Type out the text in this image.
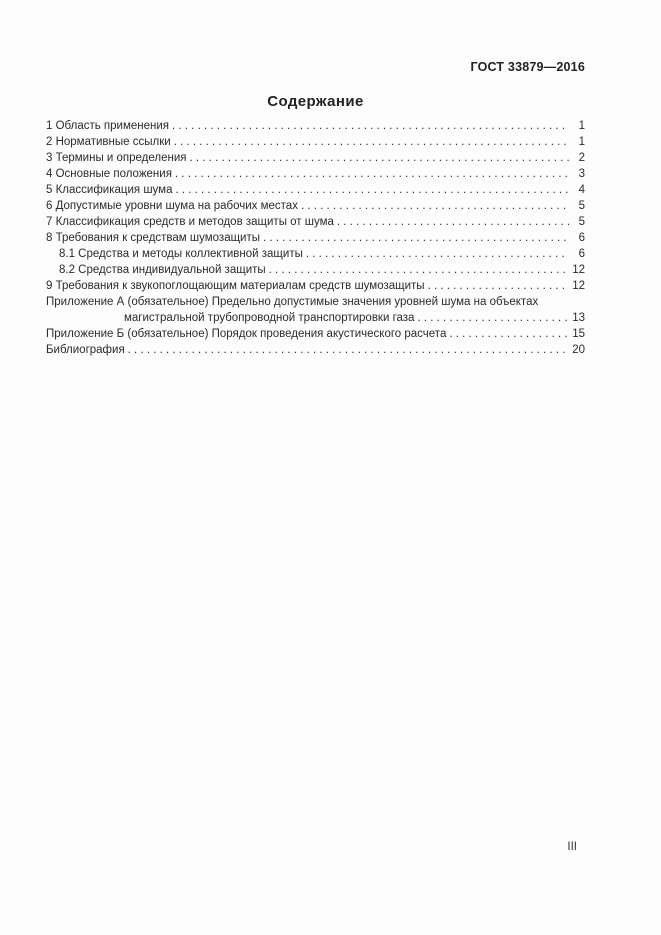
ГОСТ 33879—2016
Содержание
1 Область применения . . .	1
2 Нормативные ссылки . . .	1
3 Термины и определения . . .	2
4 Основные положения . . .	3
5 Классификация шума . . .	4
6 Допустимые уровни шума на рабочих местах . . .	5
7 Классификация средств и методов защиты от шума . . .	5
8 Требования к средствам шумозащиты . . .	6
8.1 Средства и методы коллективной защиты . . .	6
8.2 Средства индивидуальной защиты . . .	12
9 Требования к звукопоглощающим материалам средств шумозащиты . . .	12
Приложение А (обязательное) Предельно допустимые значения уровней шума на объектах
магистральной трубопроводной транспортировки газа . . .	13
Приложение Б (обязательное) Порядок проведения акустического расчета . . .	15
Библиография . . .	20
III
